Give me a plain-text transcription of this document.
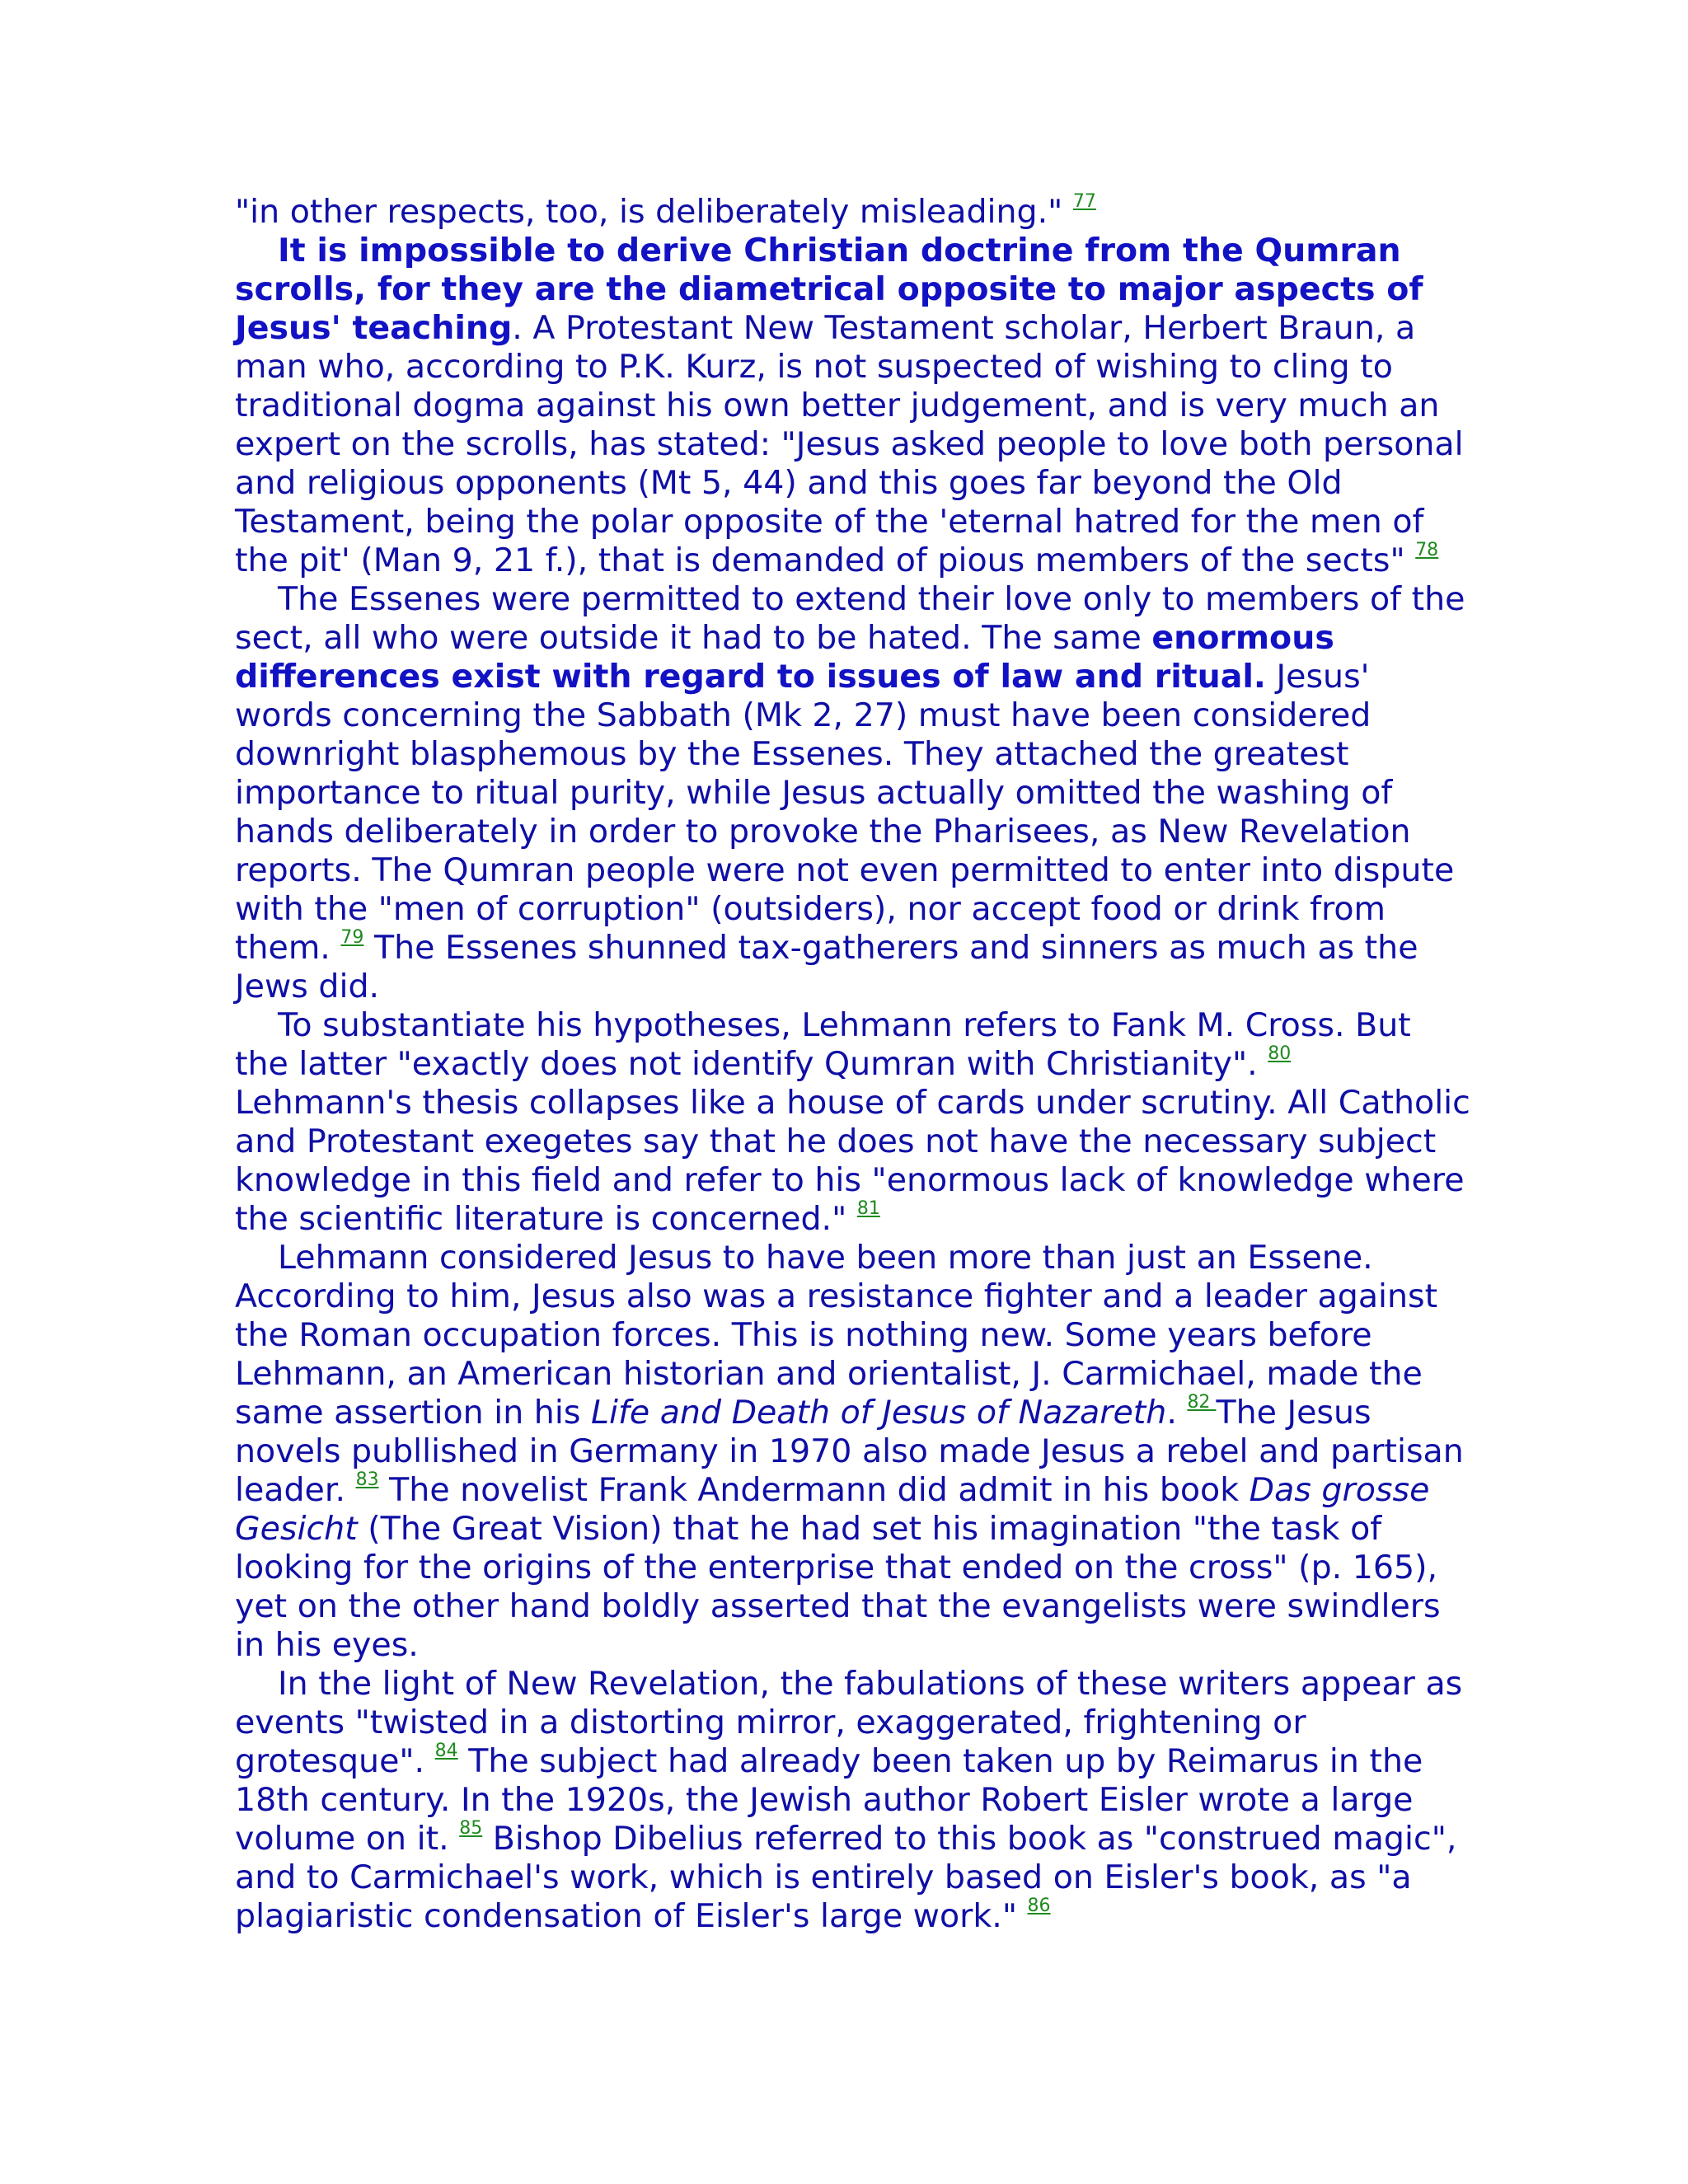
"in other respects, too, is deliberately misleading." $^{77}$

It is impossible to derive Christian doctrine from the Qumran scrolls, for they are the diametrical opposite to major aspects of Jesus' teaching. A Protestant New Testament scholar, Herbert Braun, a man who, according to P.K. Kurz, is not suspected of wishing to cling to traditional dogma against his own better judgement, and is very much an expert on the scrolls, has stated: "Jesus asked people to love both personal and religious opponents (Mt 5, 44) and this goes far beyond the Old Testament, being the polar opposite of the 'eternal hatred for the men of the pit' (Man 9, 21 f.), that is demanded of pious members of the sects" $^{78}$

The Essenes were permitted to extend their love only to members of the sect, all who were outside it had to be hated. The same enormous differences exist with regard to issues of law and ritual. Jesus' words concerning the Sabbath (Mk 2, 27) must have been considered downright blasphemous by the Essenes. They attached the greatest importance to ritual purity, while Jesus actually omitted the washing of hands deliberately in order to provoke the Pharisees, as New Revelation reports. The Qumran people were not even permitted to enter into dispute with the "men of corruption" (outsiders), nor accept food or drink from them. $^{79}$ The Essenes shunned tax-gatherers and sinners as much as the Jews did.

To substantiate his hypotheses, Lehmann refers to Fank M. Cross. But the latter "exactly does not identify Qumran with Christianity". $^{80}$ Lehmann's thesis collapses like a house of cards under scrutiny. All Catholic and Protestant exegetes say that he does not have the necessary subject knowledge in this field and refer to his "enormous lack of knowledge where the scientific literature is concerned." $^{81}$

Lehmann considered Jesus to have been more than just an Essene. According to him, Jesus also was a resistance fighter and a leader against the Roman occupation forces. This is nothing new. Some years before Lehmann, an American historian and orientalist, J. Carmichael, made the same assertion in his Life and Death of Jesus of Nazareth. $^{82}$ The Jesus novels publlished in Germany in 1970 also made Jesus a rebel and partisan leader. $^{83}$ The novelist Frank Andermann did admit in his book Das grosse Gesicht (The Great Vision) that he had set his imagination "the task of looking for the origins of the enterprise that ended on the cross" (p. 165), yet on the other hand boldly asserted that the evangelists were swindlers in his eyes.

In the light of New Revelation, the fabulations of these writers appear as events "twisted in a distorting mirror, exaggerated, frightening or grotesque". $^{84}$ The subject had already been taken up by Reimarus in the 18th century. In the 1920s, the Jewish author Robert Eisler wrote a large volume on it. $^{85}$ Bishop Dibelius referred to this book as "construed magic", and to Carmichael's work, which is entirely based on Eisler's book, as "a plagiaristic condensation of Eisler's large work." $^{86}$
